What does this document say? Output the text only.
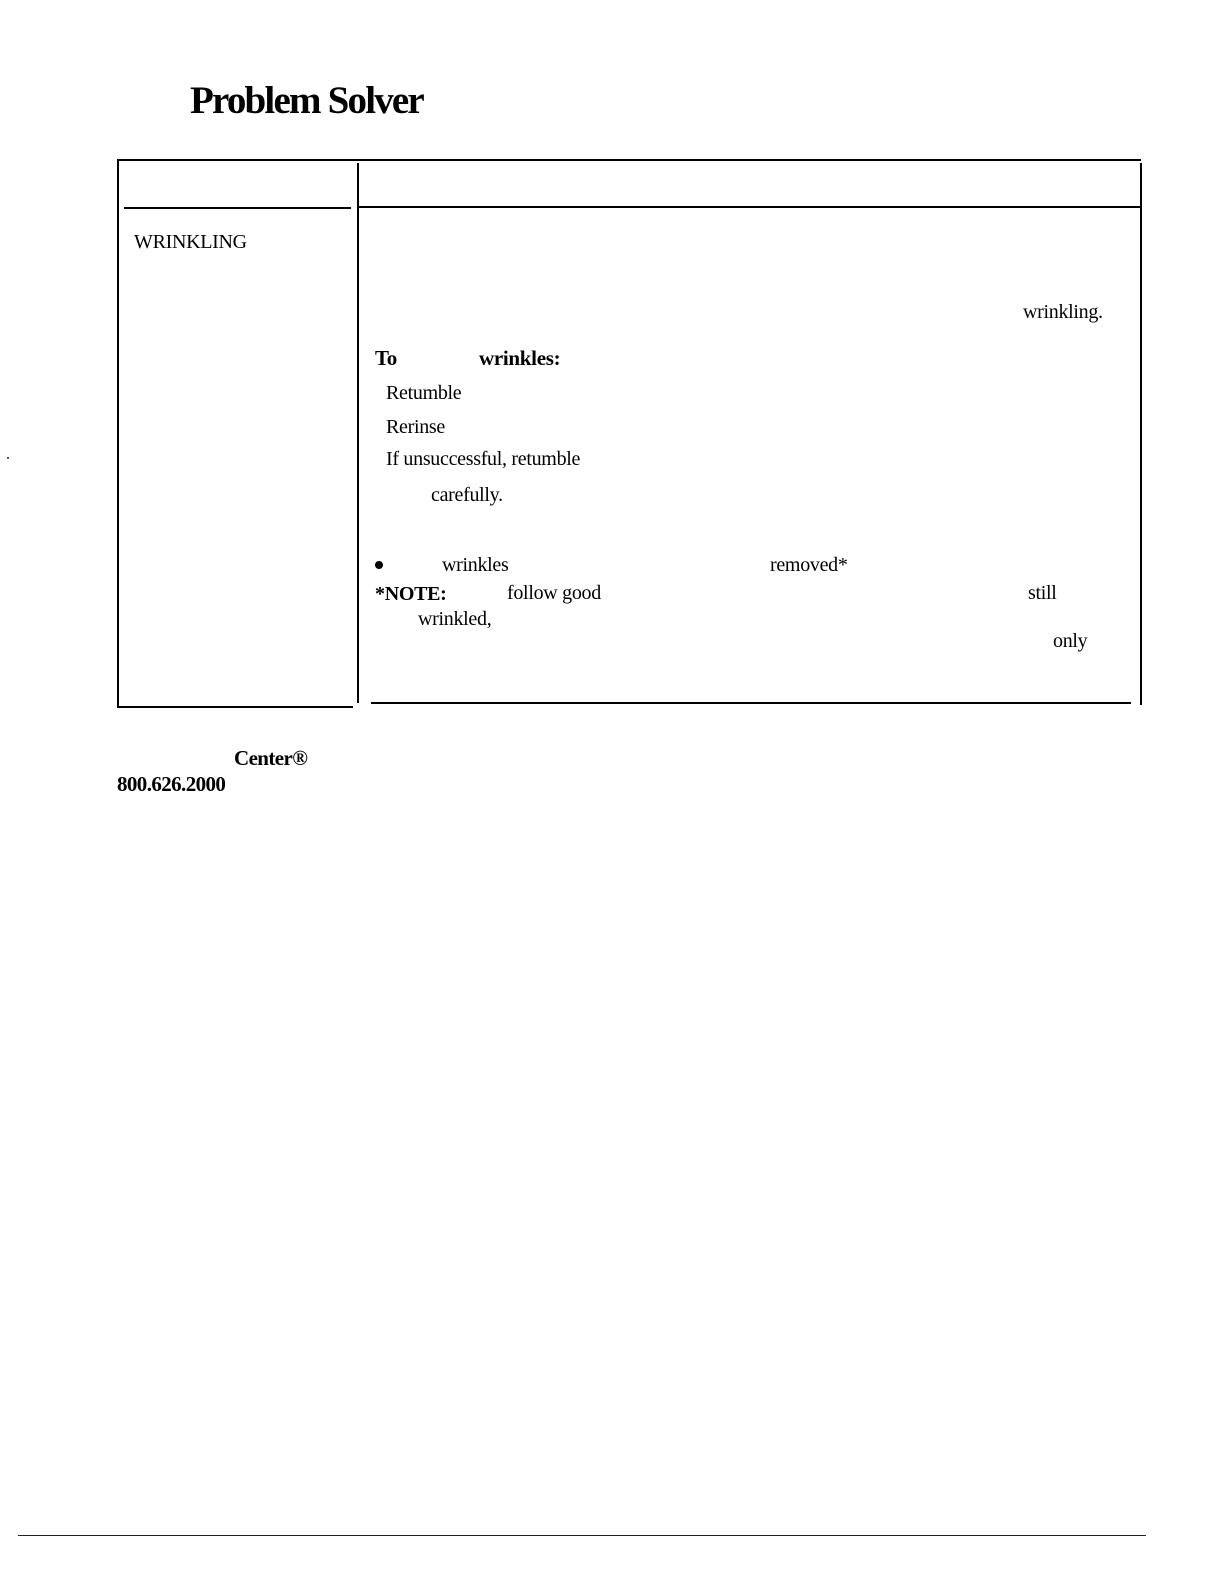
Problem Solver
WRINKLING
wrinkling.
To	wrinkles:
Retumble
Rerinse
If unsuccessful, retumble
carefully.
wrinkles	removed*
*NOTE:	follow good	still
wrinkled,
only
Center®
800.626.2000
